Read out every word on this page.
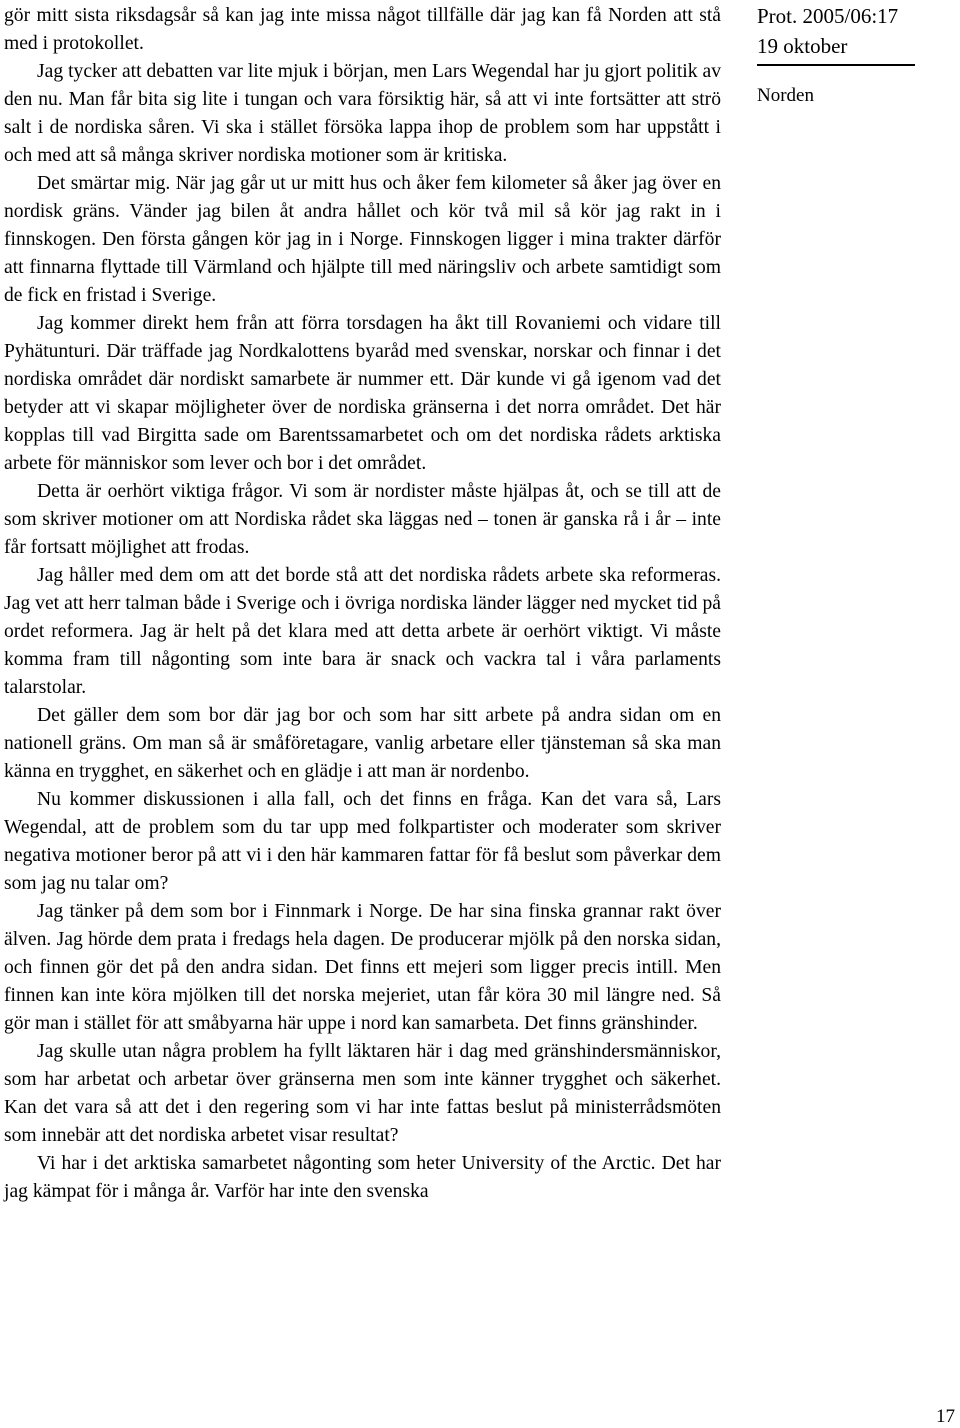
gör mitt sista riksdagsår så kan jag inte missa något tillfälle där jag kan få Norden att stå med i protokollet.

Jag tycker att debatten var lite mjuk i början, men Lars Wegendal har ju gjort politik av den nu. Man får bita sig lite i tungan och vara försiktig här, så att vi inte fortsätter att strö salt i de nordiska såren. Vi ska i stället försöka lappa ihop de problem som har uppstått i och med att så många skriver nordiska motioner som är kritiska.

Det smärtar mig. När jag går ut ur mitt hus och åker fem kilometer så åker jag över en nordisk gräns. Vänder jag bilen åt andra hållet och kör två mil så kör jag rakt in i finnskogen. Den första gången kör jag in i Norge. Finnskogen ligger i mina trakter därför att finnarna flyttade till Värmland och hjälpte till med näringsliv och arbete samtidigt som de fick en fristad i Sverige.

Jag kommer direkt hem från att förra torsdagen ha åkt till Rovaniemi och vidare till Pyhätunturi. Där träffade jag Nordkalottens byaråd med svenskar, norskar och finnar i det nordiska området där nordiskt samarbete är nummer ett. Där kunde vi gå igenom vad det betyder att vi skapar möjligheter över de nordiska gränserna i det norra området. Det här kopplas till vad Birgitta sade om Barentssamarbetet och om det nordiska rådets arktiska arbete för människor som lever och bor i det området.

Detta är oerhört viktiga frågor. Vi som är nordister måste hjälpas åt, och se till att de som skriver motioner om att Nordiska rådet ska läggas ned – tonen är ganska rå i år – inte får fortsatt möjlighet att frodas.

Jag håller med dem om att det borde stå att det nordiska rådets arbete ska reformeras. Jag vet att herr talman både i Sverige och i övriga nordiska länder lägger ned mycket tid på ordet reformera. Jag är helt på det klara med att detta arbete är oerhört viktigt. Vi måste komma fram till någonting som inte bara är snack och vackra tal i våra parlaments talarstolar.

Det gäller dem som bor där jag bor och som har sitt arbete på andra sidan om en nationell gräns. Om man så är småföretagare, vanlig arbetare eller tjänsteman så ska man känna en trygghet, en säkerhet och en glädje i att man är nordenbo.

Nu kommer diskussionen i alla fall, och det finns en fråga. Kan det vara så, Lars Wegendal, att de problem som du tar upp med folkpartister och moderater som skriver negativa motioner beror på att vi i den här kammaren fattar för få beslut som påverkar dem som jag nu talar om?

Jag tänker på dem som bor i Finnmark i Norge. De har sina finska grannar rakt över älven. Jag hörde dem prata i fredags hela dagen. De producerar mjölk på den norska sidan, och finnen gör det på den andra sidan. Det finns ett mejeri som ligger precis intill. Men finnen kan inte köra mjölken till det norska mejeriet, utan får köra 30 mil längre ned. Så gör man i stället för att småbyarna här uppe i nord kan samarbeta. Det finns gränshinder.

Jag skulle utan några problem ha fyllt läktaren här i dag med gränshindersmänniskor, som har arbetat och arbetar över gränserna men som inte känner trygghet och säkerhet. Kan det vara så att det i den regering som vi har inte fattas beslut på ministerrådsmöten som innebär att det nordiska arbetet visar resultat?

Vi har i det arktiska samarbetet någonting som heter University of the Arctic. Det har jag kämpat för i många år. Varför har inte den svenska

Prot. 2005/06:17
19 oktober
Norden
17
